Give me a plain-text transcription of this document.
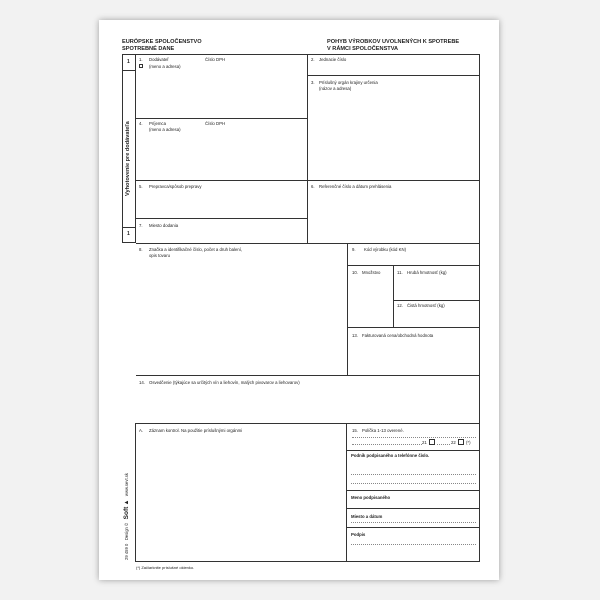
EURÓPSKE SPOLOČENSTVO
SPOTREBNÉ DANE
POHYB VÝROBKOV UVOLNENÝCH K SPOTREBE
V RÁMCI SPOLOČENSTVA
1
1
Vyhotovenie pre dodávateľa
1. Dodávateľ	Číslo DPH
(meno a adresa)
2. Jednacie číslo
3. Príslušný orgán krajiny určenia
(názov a adresa)
4. Príjemca	Číslo DPH
(meno a adresa)
5. Prepravca/spôsob prepravy	6. Referenčné číslo a dátum prehlásenia
7. Miesto dodania
8. Značka a identifikačné číslo, počet a druh balení,
opis tovaru
9. Kód výrobku (kód KN)
10. Množstvo	11. Hrubá hmotnosť (kg)
12. Čistá hmotnosť (kg)
13. Fakturovaná cena/obchodná hodnota
14. Osvedčenie (týkajúce sa určitých vín a liehovín, malých pivovarov a liehovarov)
A. Záznam kontrol. Na použitie príslušnými orgánmi	15. Políčka 1-13 overené.
21	22 (*)
Podnik podpisaného a telefónne číslo.
Meno podpisaného
Miesto a dátum
Podpis
(*) Začiarknite príslušné okienko.
29 459 0   Design ©   Soft ▲   www.sevt.sk
